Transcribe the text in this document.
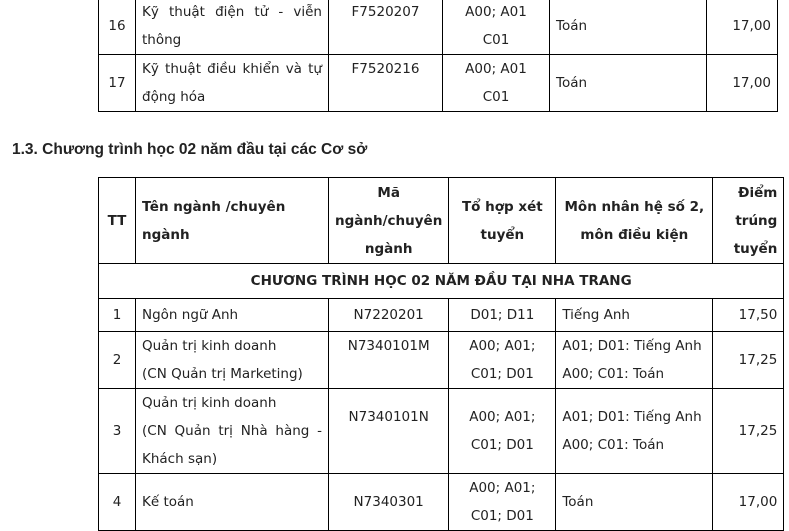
16	Kỹ thuật điện tử - viễn
thông	F7520207	A00; A01
C01	Toán	17,00
17	Kỹ thuật điều khiển và tự
động hóa	F7520216	A00; A01
C01	Toán	17,00
1.3. Chương trình học 02 năm đầu tại các Cơ sở
TT	Tên ngành /chuyên ngành	Mã
ngành/chuyên
ngành	Tổ hợp xét
tuyển	Môn nhân hệ số 2,
môn điều kiện	Điểm
trúng
tuyển

CHƯƠNG TRÌNH HỌC 02 NĂM ĐẦU TẠI NHA TRANG					
1	Ngôn ngữ Anh	N7220201	D01; D11	Tiếng Anh	17,50
2	Quản trị kinh doanh
(CN Quản trị Marketing)	N7340101M	A00; A01;
C01; D01	A01; D01: Tiếng Anh
A00; C01: Toán	17,25
3	Quản trị kinh doanh
(CN Quản trị Nhà hàng -
Khách sạn)	N7340101N	A00; A01;
C01; D01	A01; D01: Tiếng Anh
A00; C01: Toán	17,25
4	Kế toán	N7340301	A00; A01;
C01; D01	Toán	17,00
